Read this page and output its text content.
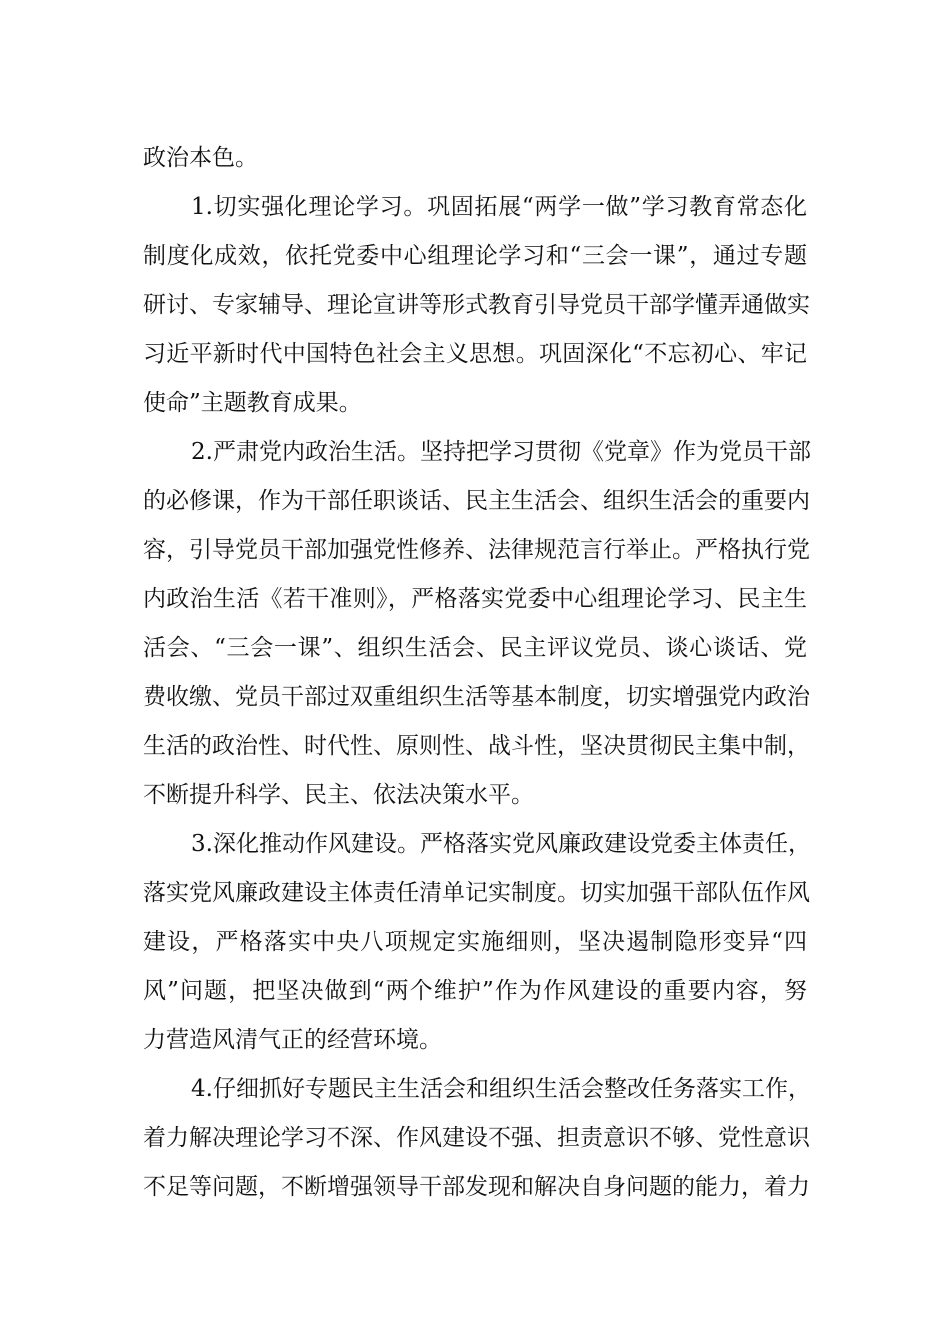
政治本色。
1.切实强化理论学习。巩固拓展“两学一做”学习教育常态化
制度化成效，依托党委中心组理论学习和“三会一课”，通过专题
研讨、专家辅导、理论宣讲等形式教育引导党员干部学懂弄通做实
习近平新时代中国特色社会主义思想。巩固深化“不忘初心、牢记
使命”主题教育成果。
2.严肃党内政治生活。坚持把学习贯彻《党章》作为党员干部
的必修课，作为干部任职谈话、民主生活会、组织生活会的重要内
容，引导党员干部加强党性修养、法律规范言行举止。严格执行党
内政治生活《若干准则》，严格落实党委中心组理论学习、民主生
活会、“三会一课”、组织生活会、民主评议党员、谈心谈话、党
费收缴、党员干部过双重组织生活等基本制度，切实增强党内政治
生活的政治性、时代性、原则性、战斗性，坚决贯彻民主集中制，
不断提升科学、民主、依法决策水平。
3.深化推动作风建设。严格落实党风廉政建设党委主体责任，
落实党风廉政建设主体责任清单记实制度。切实加强干部队伍作风
建设，严格落实中央八项规定实施细则，坚决遏制隐形变异“四
风”问题，把坚决做到“两个维护”作为作风建设的重要内容，努
力营造风清气正的经营环境。
4.仔细抓好专题民主生活会和组织生活会整改任务落实工作，
着力解决理论学习不深、作风建设不强、担责意识不够、党性意识
不足等问题，不断增强领导干部发现和解决自身问题的能力，着力
